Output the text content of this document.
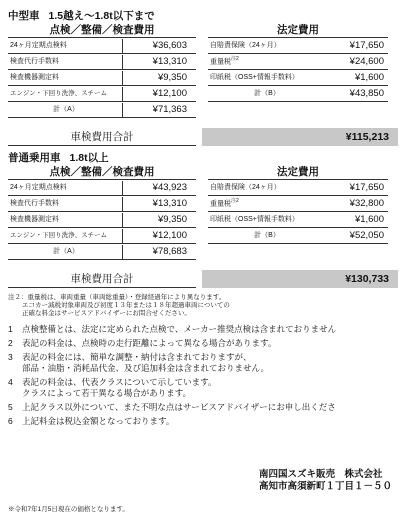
中型車 1.5越え～1.8t以下まで
点検／整備／検査費用
24ヶ月定期点検料	¥36,603
検査代行手数料	¥13,310
検査機器測定料	¥9,350
エンジン・下回り洗浄、スチーム	¥12,100
計（A）	¥71,363
法定費用
自賠責保険（24ヶ月）	¥17,650
重量税$^{注2}$	¥24,600
印紙税（OSS+情報手数料）	¥1,600
計（B）	¥43,850
車検費用合計	¥115,213
普通乗用車 1.8t以上
点検／整備／検査費用
24ヶ月定期点検料	¥43,923
検査代行手数料	¥13,310
検査機器測定料	¥9,350
エンジン・下回り洗浄、スチーム	¥12,100
計（A）	¥78,683
法定費用
自賠責保険（24ヶ月）	¥17,650
重量税$^{注2}$	¥32,800
印紙税（OSS+情報手数料）	¥1,600
計（B）	¥52,050
車検費用合計	¥130,733
注２：重量税は、車両重量（車両総重量）・登録経過年により異なります。
エコカー減税対象車両及び初度１３年または１８年超過車両についての
正確な料金はサービスアドバイザーにお問合せください。
1	点検整備とは、法定に定められた点検で、メーカー推奨点検は含まれておりません
2	表記の料金は、点検時の走行距離によって異なる場合があります。
3	表記の料金には、簡単な調整・納付は含まれておりますが、
部品・油脂・消耗品代金、及び追加料金は含まれておりません。
4	表記の料金は、代表クラスについて示しています。
クラスによって若干異なる場合があります。
5	上記クラス以外について、また不明な点はサービスアドバイザーにお申し出くださ
6	上記料金は税込金額となっております。
南四国スズキ販売　株式会社
高知市高須新町１丁目１－５０
※令和7年1月5日現在の価格となります。
